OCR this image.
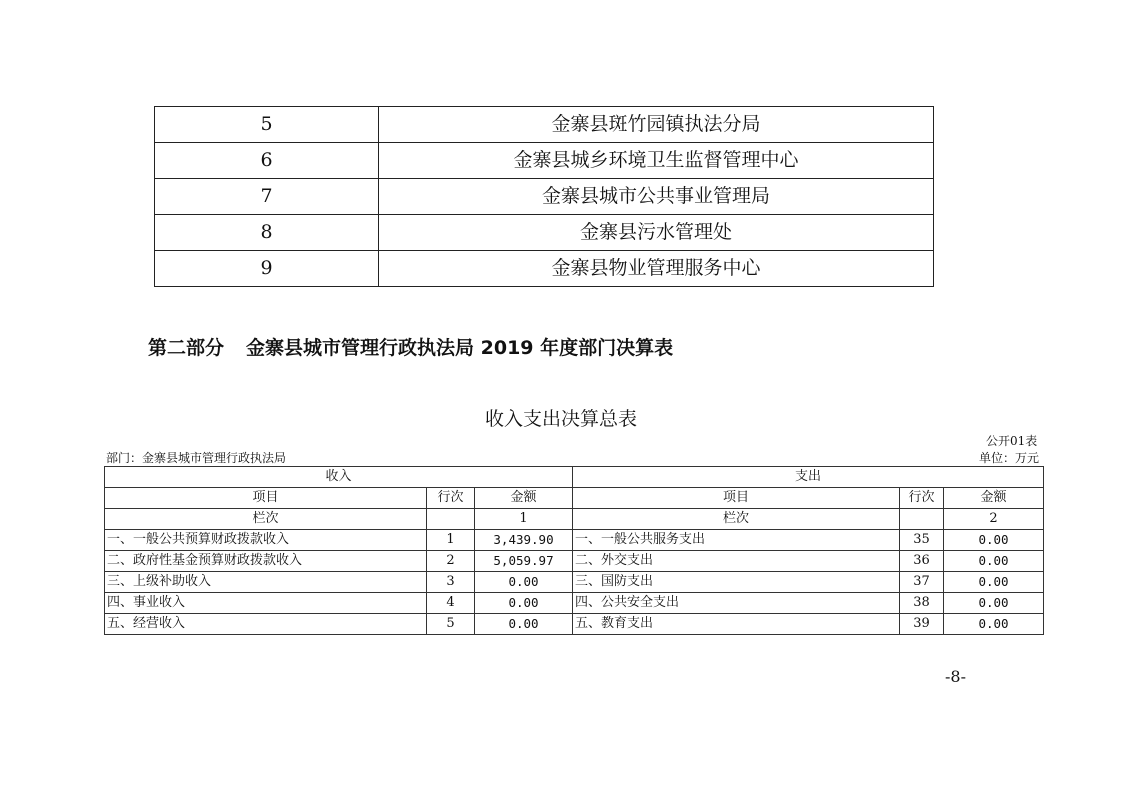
5	金寨县斑竹园镇执法分局
6	金寨县城乡环境卫生监督管理中心
7	金寨县城市公共事业管理局
8	金寨县污水管理处
9	金寨县物业管理服务中心
第二部分 金寨县城市管理行政执法局 2019 年度部门决算表
收入支出决算总表
公开01表
部门：金寨县城市管理行政执法局	单位：万元
收入			支出		
项目	行次	金额	项目	行次	金额
栏次		1	栏次		2
一、一般公共预算财政拨款收入	1	3,439.90	一、一般公共服务支出	35	0.00
二、政府性基金预算财政拨款收入	2	5,059.97	二、外交支出	36	0.00
三、上级补助收入	3	0.00	三、国防支出	37	0.00
四、事业收入	4	0.00	四、公共安全支出	38	0.00
五、经营收入	5	0.00	五、教育支出	39	0.00
-8-
